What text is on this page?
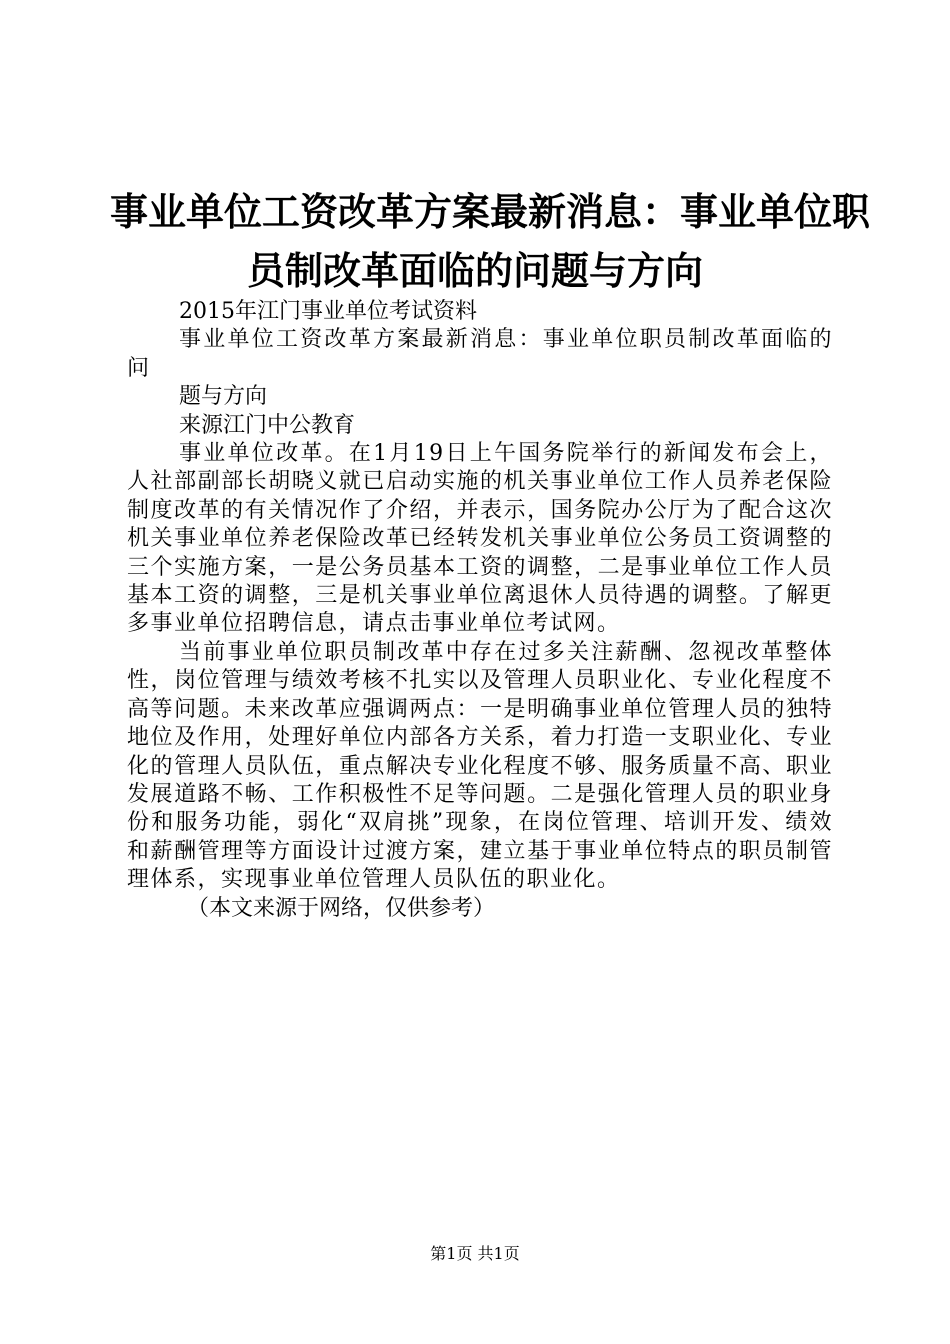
事业单位工资改革方案最新消息：事业单位职
员制改革面临的问题与方向

2015年江门事业单位考试资料

事业单位工资改革方案最新消息：事业单位职员制改革面临的问

题与方向

来源江门中公教育

事业单位改革。在1月19日上午国务院举行的新闻发布会上，人社部副部长胡晓义就已启动实施的机关事业单位工作人员养老保险制度改革的有关情况作了介绍，并表示，国务院办公厅为了配合这次机关事业单位养老保险改革已经转发机关事业单位公务员工资调整的三个实施方案，一是公务员基本工资的调整，二是事业单位工作人员基本工资的调整，三是机关事业单位离退休人员待遇的调整。了解更多事业单位招聘信息，请点击事业单位考试网。

当前事业单位职员制改革中存在过多关注薪酬、忽视改革整体性，岗位管理与绩效考核不扎实以及管理人员职业化、专业化程度不高等问题。未来改革应强调两点：一是明确事业单位管理人员的独特地位及作用，处理好单位内部各方关系，着力打造一支职业化、专业化的管理人员队伍，重点解决专业化程度不够、服务质量不高、职业发展道路不畅、工作积极性不足等问题。二是强化管理人员的职业身份和服务功能，弱化“双肩挑”现象，在岗位管理、培训开发、绩效和薪酬管理等方面设计过渡方案，建立基于事业单位特点的职员制管理体系，实现事业单位管理人员队伍的职业化。

（本文来源于网络，仅供参考）

第1页 共1页
